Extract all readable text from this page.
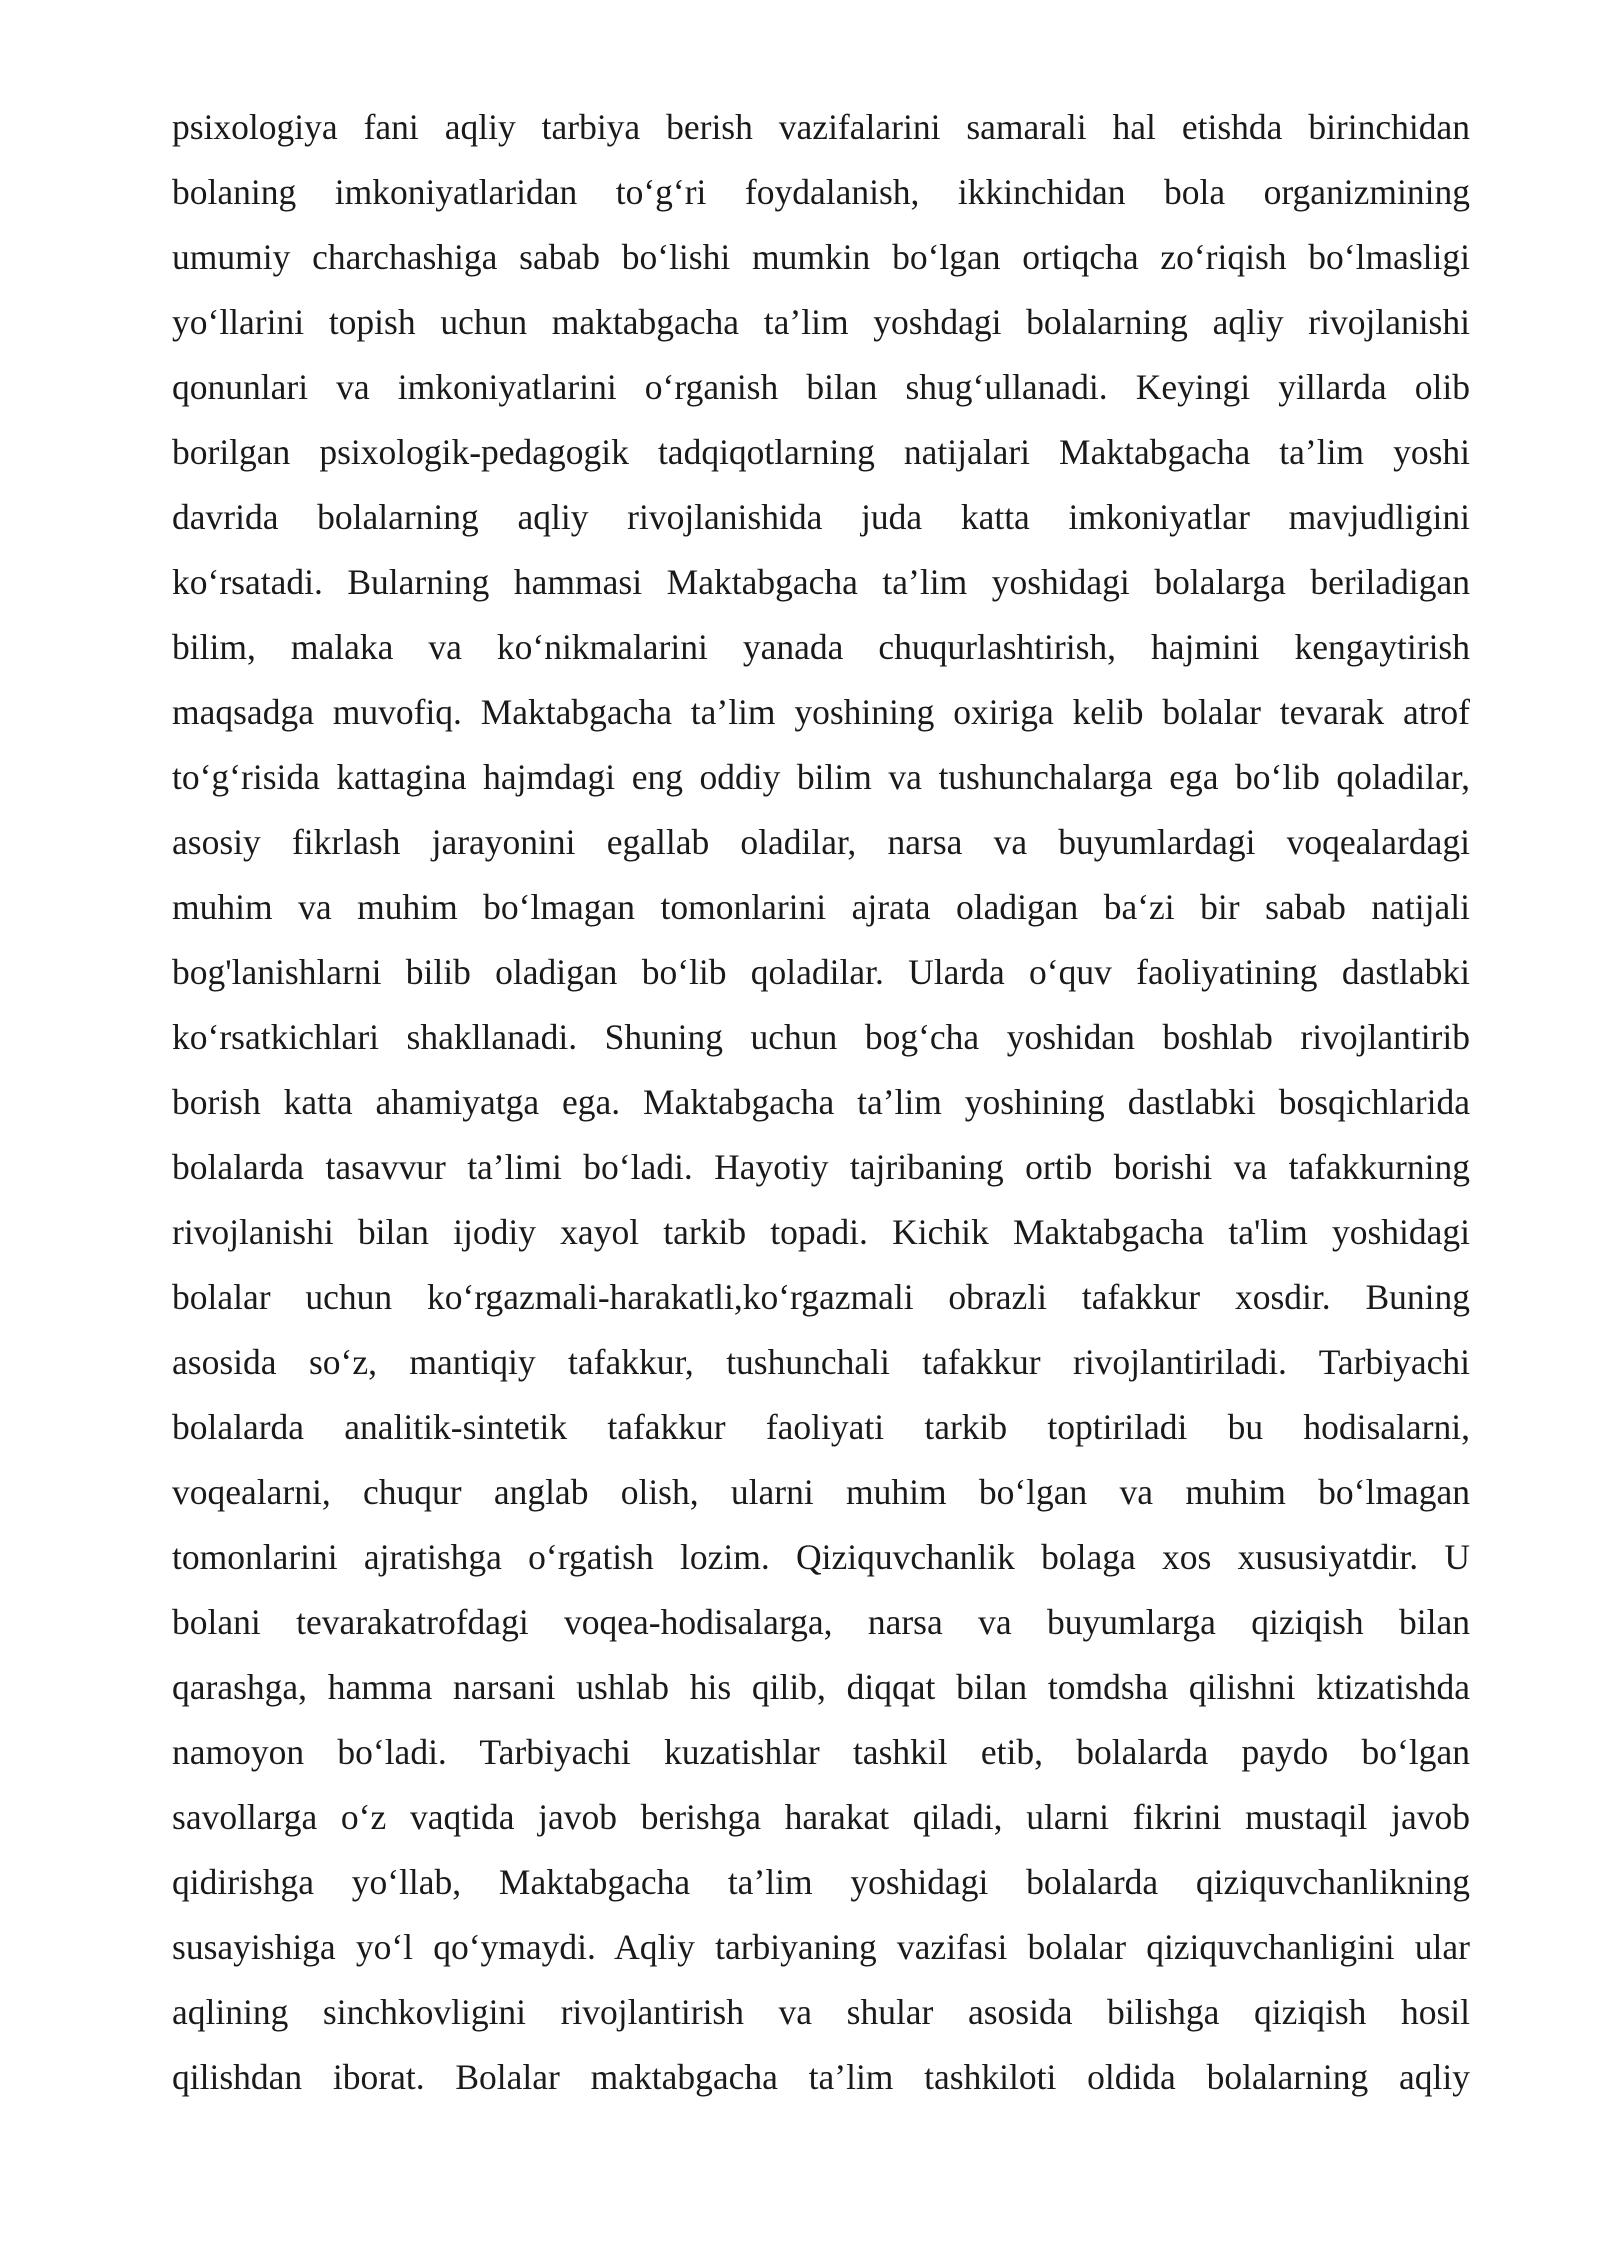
psixologiya fani aqliy tarbiya berish vazifalarini samarali hal etishda birinchidan
bolaning imkoniyatlaridan to‘g‘ri foydalanish, ikkinchidan bola organizmining
umumiy charchashiga sabab bo‘lishi mumkin bo‘lgan ortiqcha zo‘riqish bo‘lmasligi
yo‘llarini topish uchun maktabgacha ta’lim yoshdagi bolalarning aqliy rivojlanishi
qonunlari va imkoniyatlarini o‘rganish bilan shug‘ullanadi. Keyingi yillarda olib
borilgan psixologik-pedagogik tadqiqotlarning natijalari Maktabgacha ta’lim yoshi
davrida bolalarning aqliy rivojlanishida juda katta imkoniyatlar mavjudligini
ko‘rsatadi. Bularning hammasi Maktabgacha ta’lim yoshidagi bolalarga beriladigan
bilim, malaka va ko‘nikmalarini yanada chuqurlashtirish, hajmini kengaytirish
maqsadga muvofiq. Maktabgacha ta’lim yoshining oxiriga kelib bolalar tevarak atrof
to‘g‘risida kattagina hajmdagi eng oddiy bilim va tushunchalarga ega bo‘lib qoladilar,
asosiy fikrlash jarayonini egallab oladilar, narsa va buyumlardagi voqealardagi
muhim va muhim bo‘lmagan tomonlarini ajrata oladigan ba‘zi bir sabab natijali
bog'lanishlarni bilib oladigan bo‘lib qoladilar. Ularda o‘quv faoliyatining dastlabki
ko‘rsatkichlari shakllanadi. Shuning uchun bog‘cha yoshidan boshlab rivojlantirib
borish katta ahamiyatga ega. Maktabgacha ta’lim yoshining dastlabki bosqichlarida
bolalarda tasavvur ta’limi bo‘ladi. Hayotiy tajribaning ortib borishi va tafakkurning
rivojlanishi bilan ijodiy xayol tarkib topadi. Kichik Maktabgacha ta'lim yoshidagi
bolalar uchun ko‘rgazmali-harakatli,ko‘rgazmali obrazli tafakkur xosdir. Buning
asosida so‘z, mantiqiy tafakkur, tushunchali tafakkur rivojlantiriladi. Tarbiyachi
bolalarda analitik-sintetik tafakkur faoliyati tarkib toptiriladi bu hodisalarni,
voqealarni, chuqur anglab olish, ularni muhim bo‘lgan va muhim bo‘lmagan
tomonlarini ajratishga o‘rgatish lozim. Qiziquvchanlik bolaga xos xususiyatdir. U
bolani tevarakatrofdagi voqea-hodisalarga, narsa va buyumlarga qiziqish bilan
qarashga, hamma narsani ushlab his qilib, diqqat bilan tomdsha qilishni ktizatishda
namoyon bo‘ladi. Tarbiyachi kuzatishlar tashkil etib, bolalarda paydo bo‘lgan
savollarga o‘z vaqtida javob berishga harakat qiladi, ularni fikrini mustaqil javob
qidirishga yo‘llab, Maktabgacha ta’lim yoshidagi bolalarda qiziquvchanlikning
susayishiga yo‘l qo‘ymaydi. Aqliy tarbiyaning vazifasi bolalar qiziquvchanligini ular
aqlining sinchkovligini rivojlantirish va shular asosida bilishga qiziqish hosil
qilishdan iborat. Bolalar maktabgacha ta’lim tashkiloti oldida bolalarning aqliy
